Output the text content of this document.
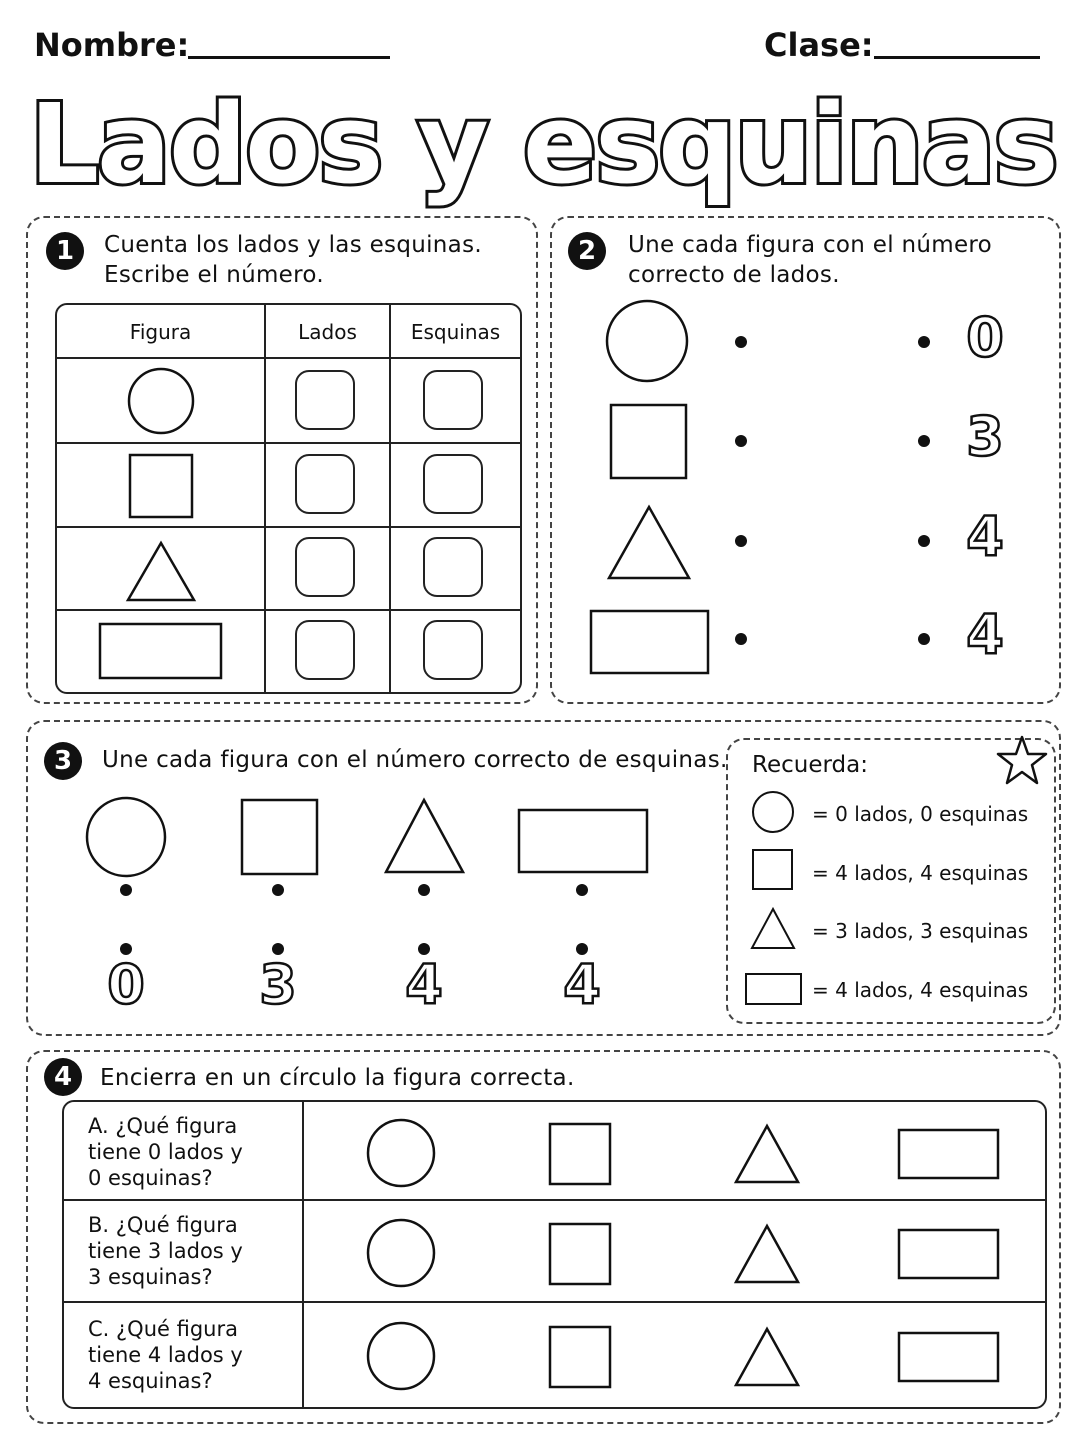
Nombre:	Clase:
Lados y esquinas
1	Cuenta los lados y las esquinas.
Escribe el número.
Figura	Lados	Esquinas
2	Une cada figura con el número
correcto de lados.
0
3
4
4
3	Une cada figura con el número correcto de esquinas.
0 3 4 4
Recuerda:
= 0 lados, 0 esquinas
= 4 lados, 4 esquinas
= 3 lados, 3 esquinas
= 4 lados, 4 esquinas
4	Encierra en un círculo la figura correcta.
A. ¿Qué figura
tiene 0 lados y
0 esquinas?
B. ¿Qué figura
tiene 3 lados y
3 esquinas?
C. ¿Qué figura
tiene 4 lados y
4 esquinas?
